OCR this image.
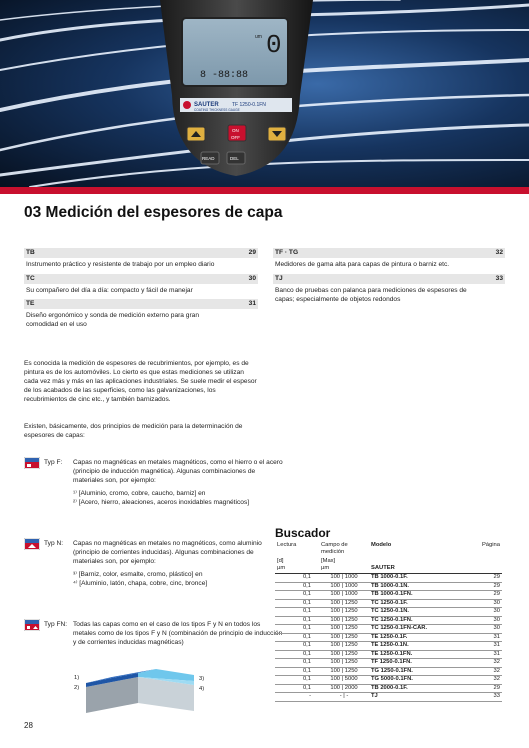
0
um
8 -88:88
SAUTER	TF 1250-0.1FN
COATING THICKNESS GAUGE
ON
OFF
READ	DEL
03 Medición del espesores de capa
TB	29
Instrumento práctico y resistente de trabajo por un empleo diario
TC	30
Su compañero del día a día: compacto y fácil de manejar
TE	31
Diseño ergonómico y sonda de medición externo para gran comodidad en el uso
TF · TG	32
Medidores de gama alta para capas de pintura o barniz etc.
TJ	33
Banco de pruebas con palanca para mediciones de espesores de capas; especialmente de objetos redondos
Es conocida la medición de espesores de recubrimientos, por ejemplo, es de pintura es de los automóviles. Lo cierto es que estas mediciones se utilizan cada vez más y más en las aplicaciones industriales. Se suele medir el espesor de los acabados de las superficies, como las galvanizaciones, los recubrimientos de cinc etc., y también barnizados.
Existen, básicamente, dos principios de medición para la determinación de espesores de capas:
Typ F: Capas no magnéticas en metales magnéticos, como el hierro o el acero (principio de inducción magnética). Algunas combinaciones de materiales son, por ejemplo:
¹⁾ [Aluminio, cromo, cobre, caucho, barniz] en
²⁾ [Acero, hierro, aleaciones, aceros inoxidables magnéticos]
Typ N: Capas no magnéticas en metales no magnéticos, como aluminio (principio de corrientes inducidas). Algunas combinaciones de materiales son, por ejemplo:
³⁾ [Barniz, color, esmalte, cromo, plástico] en
⁴⁾ [Aluminio, latón, chapa, cobre, cinc, bronce]
Typ FN: Todas las capas como en el caso de los tipos F y N en todos los metales como de los tipos F y N (combinación de principio de inducción y de corrientes inducidas magnéticas)
1)
2)
3)
4)
Buscador
Lectura	Campo de medición	Modelo	Página
[d]
µm	[Max]
µm	SAUTER	
0,1	100 | 1000	TB 1000-0.1F.	29
0,1	100 | 1000	TB 1000-0.1N.	29
0,1	100 | 1000	TB 1000-0.1FN.	29
0,1	100 | 1250	TC 1250-0.1F.	30
0,1	100 | 1250	TC 1250-0.1N.	30
0,1	100 | 1250	TC 1250-0.1FN.	30
0,1	100 | 1250	TC 1250-0.1FN-CAR.	30
0,1	100 | 1250	TE 1250-0.1F.	31
0,1	100 | 1250	TE 1250-0.1N.	31
0,1	100 | 1250	TE 1250-0.1FN.	31
0,1	100 | 1250	TF 1250-0.1FN.	32
0,1	100 | 1250	TG 1250-0.1FN.	32
0,1	100 | 5000	TG 5000-0.1FN.	32
0,1	100 | 2000	TB 2000-0.1F.	29
-	- | -	TJ	33
28
